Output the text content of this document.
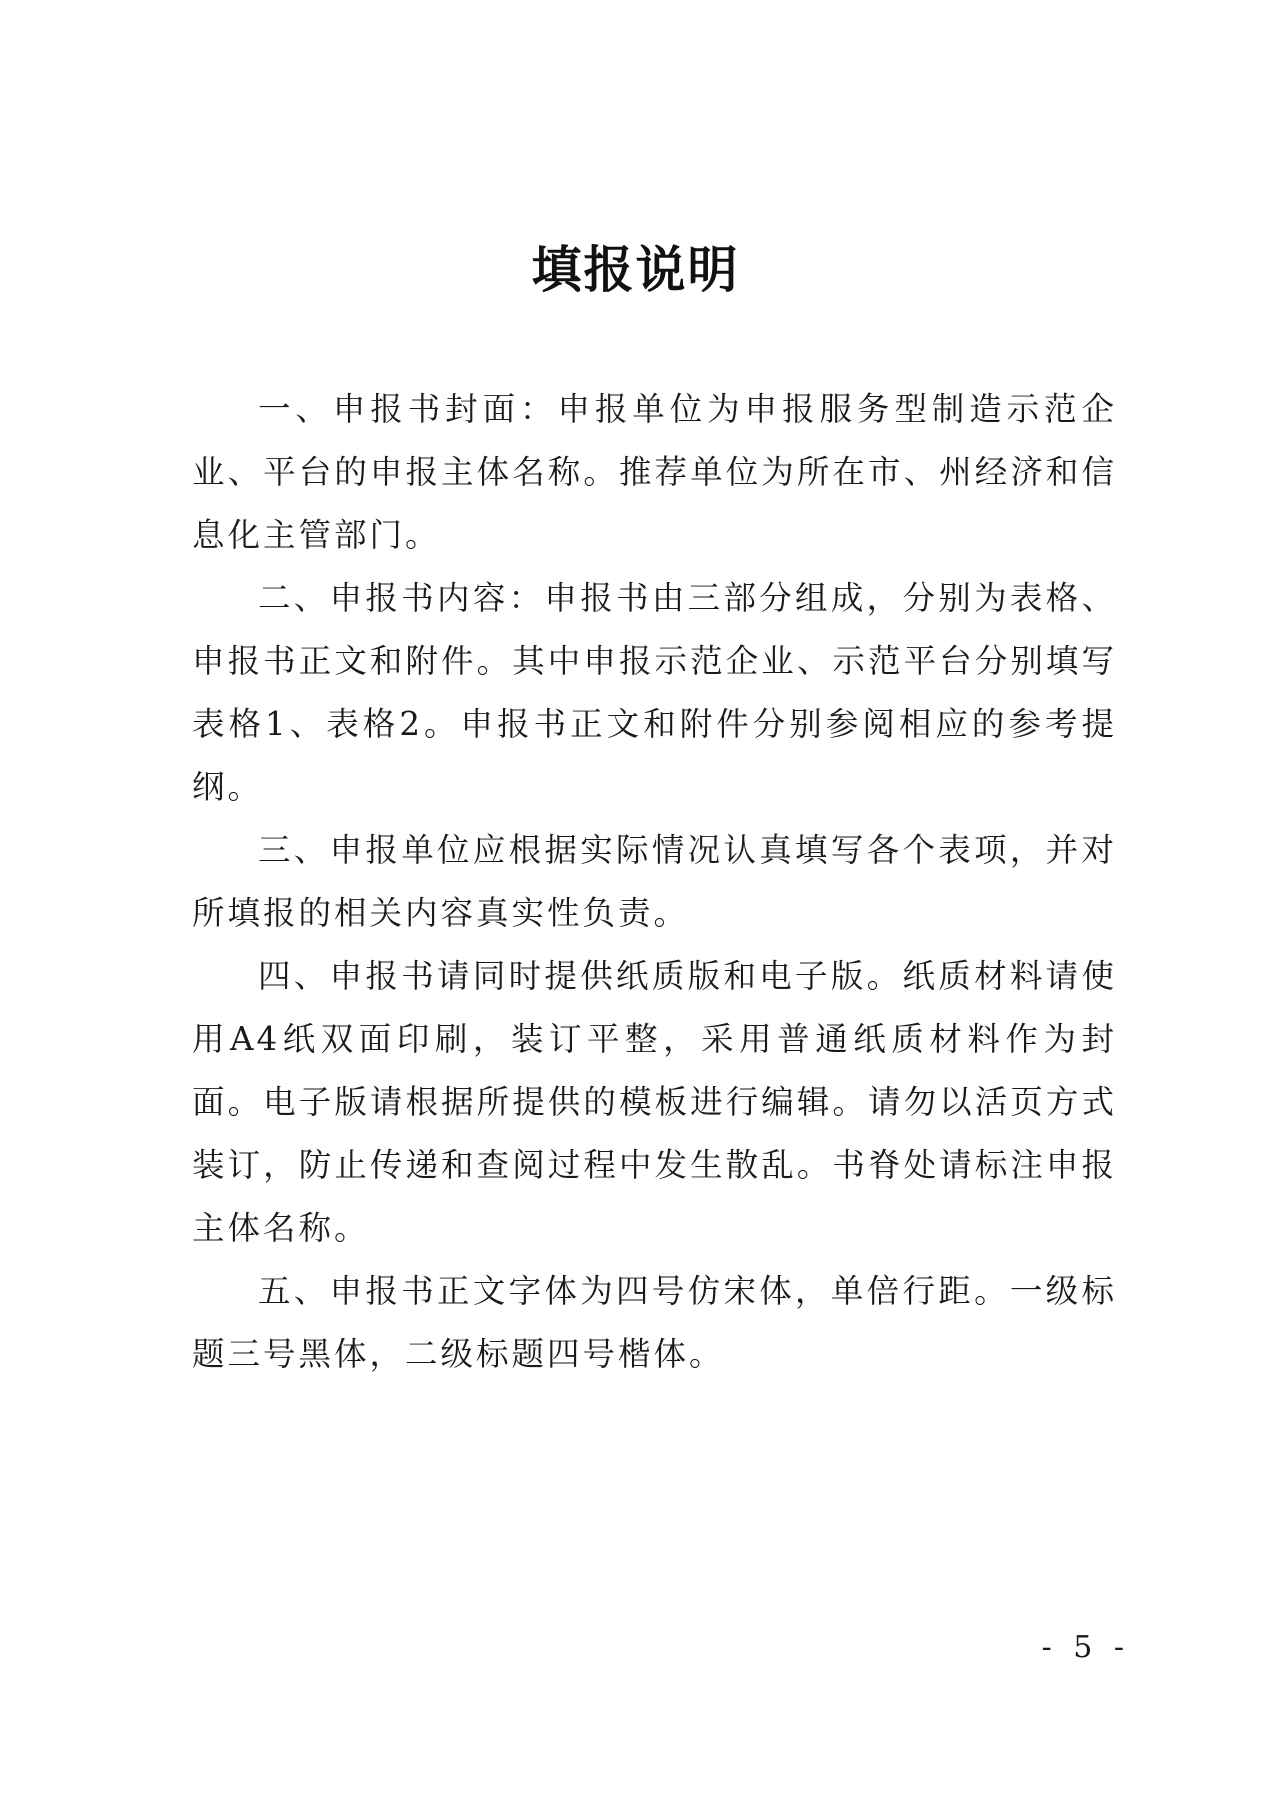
填报说明

一、申报书封面：申报单位为申报服务型制造示范企业、平台的申报主体名称。推荐单位为所在市、州经济和信息化主管部门。

二、申报书内容：申报书由三部分组成，分别为表格、申报书正文和附件。其中申报示范企业、示范平台分别填写表格1、表格2。申报书正文和附件分别参阅相应的参考提纲。

三、申报单位应根据实际情况认真填写各个表项，并对所填报的相关内容真实性负责。

四、申报书请同时提供纸质版和电子版。纸质材料请使用A4纸双面印刷，装订平整，采用普通纸质材料作为封面。电子版请根据所提供的模板进行编辑。请勿以活页方式装订，防止传递和查阅过程中发生散乱。书脊处请标注申报主体名称。

五、申报书正文字体为四号仿宋体，单倍行距。一级标题三号黑体，二级标题四号楷体。

- 5 -
